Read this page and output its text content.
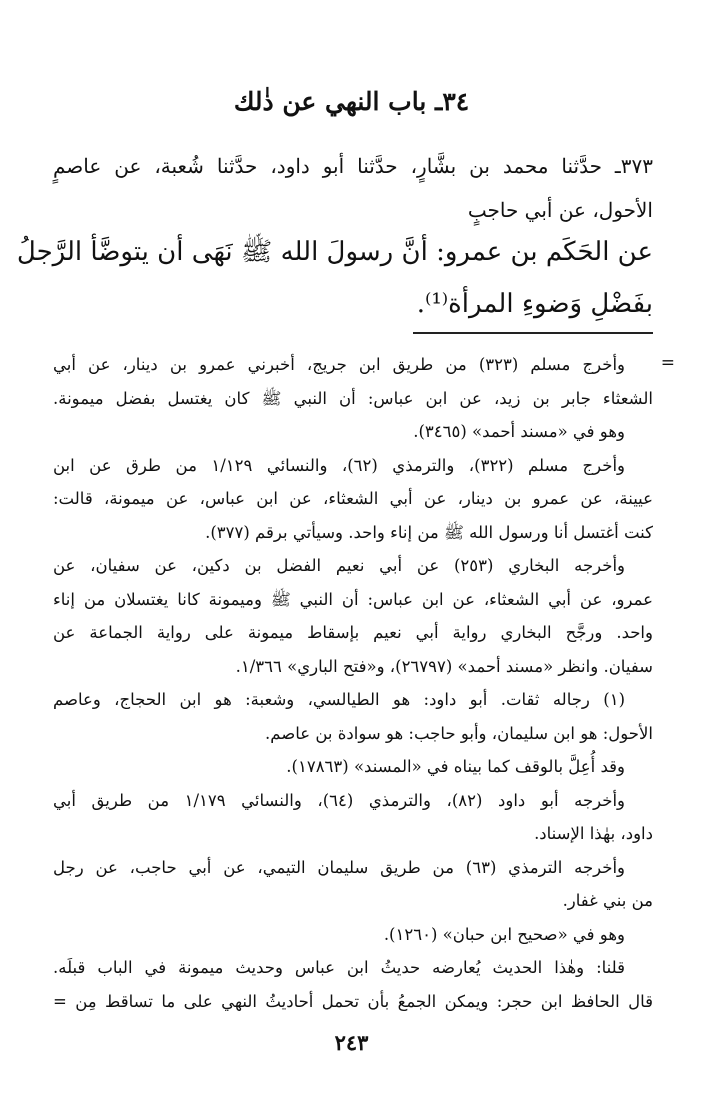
٣٤ـ باب النهي عن ذٰلك
٣٧٣ـ حدَّثنا محمد بن بشَّارٍ، حدَّثنا أبو داود، حدَّثنا شُعبة، عن عاصمٍ
الأحول، عن أبي حاجبٍ
عن الحَكَم بن عمرو: أنَّ رسولَ الله ﷺ نَهَى أن يتوضَّأ الرَّجلُ
بفَضْلِ وَضوءِ المرأة⁽¹⁾.
=
وأخرج مسلم (٣٢٣) من طريق ابن جريج، أخبرني عمرو بن دينار، عن أبي
الشعثاء جابر بن زيد، عن ابن عباس: أن النبي ﷺ كان يغتسل بفضل ميمونة.
وهو في «مسند أحمد» (٣٤٦٥).
وأخرج مسلم (٣٢٢)، والترمذي (٦٢)، والنسائي ١/١٢٩ من طرق عن ابن
عيينة، عن عمرو بن دينار، عن أبي الشعثاء، عن ابن عباس، عن ميمونة، قالت:
كنت أغتسل أنا ورسول الله ﷺ من إناء واحد. وسيأتي برقم (٣٧٧).
وأخرجه البخاري (٢٥٣) عن أبي نعيم الفضل بن دكين، عن سفيان، عن
عمرو، عن أبي الشعثاء، عن ابن عباس: أن النبي ﷺ وميمونة كانا يغتسلان من إناء
واحد. ورجَّح البخاري رواية أبي نعيم بإسقاط ميمونة على رواية الجماعة عن
سفيان. وانظر «مسند أحمد» (٢٦٧٩٧)، و«فتح الباري» ١/٣٦٦.
(١) رجاله ثقات. أبو داود: هو الطيالسي، وشعبة: هو ابن الحجاج، وعاصم
الأحول: هو ابن سليمان، وأبو حاجب: هو سوادة بن عاصم.
وقد أُعِلَّ بالوقف كما بيناه في «المسند» (١٧٨٦٣).
وأخرجه أبو داود (٨٢)، والترمذي (٦٤)، والنسائي ١/١٧٩ من طريق أبي
داود، بهٰذا الإسناد.
وأخرجه الترمذي (٦٣) من طريق سليمان التيمي، عن أبي حاجب، عن رجل
من بني غفار.
وهو في «صحيح ابن حبان» (١٢٦٠).
قلنا: وهٰذا الحديث يُعارضه حديثُ ابن عباس وحديث ميمونة في الباب قبلَه.
قال الحافظ ابن حجر: ويمكن الجمعُ بأن تحمل أحاديثُ النهي على ما تساقط مِن =
٢٤٣
